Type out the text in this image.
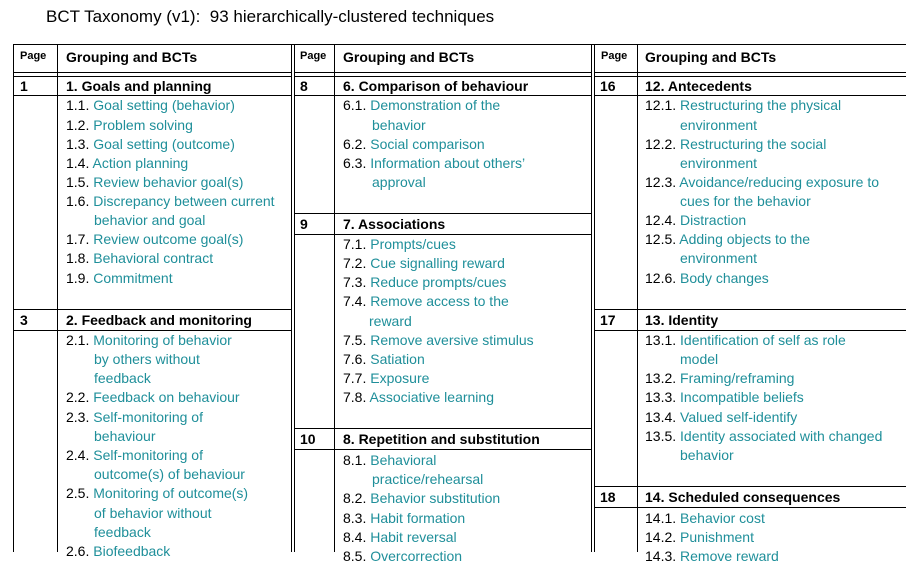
BCT Taxonomy (v1):  93 hierarchically-clustered techniques
Page Grouping and BCTs	Page Grouping and BCTs	Page Grouping and BCTs
1	1. Goals and planning
1.1. Goal setting (behavior)
1.2. Problem solving
1.3. Goal setting (outcome)
1.4. Action planning
1.5. Review behavior goal(s)
1.6. Discrepancy between current
behavior and goal
1.7. Review outcome goal(s)
1.8. Behavioral contract
1.9. Commitment
3	2. Feedback and monitoring
2.1. Monitoring of behavior
by others without
feedback
2.2. Feedback on behaviour
2.3. Self-monitoring of
behaviour
2.4. Self-monitoring of
outcome(s) of behaviour
2.5. Monitoring of outcome(s)
of behavior without
feedback
2.6. Biofeedback
8	6. Comparison of behaviour
6.1. Demonstration of the
behavior
6.2. Social comparison
6.3. Information about others’
approval
9	7. Associations
7.1. Prompts/cues
7.2. Cue signalling reward
7.3. Reduce prompts/cues
7.4. Remove access to the
reward
7.5. Remove aversive stimulus
7.6. Satiation
7.7. Exposure
7.8. Associative learning
10 8. Repetition and substitution
8.1. Behavioral
practice/rehearsal
8.2. Behavior substitution
8.3. Habit formation
8.4. Habit reversal
8.5. Overcorrection
16 12. Antecedents
12.1. Restructuring the physical
environment
12.2. Restructuring the social
environment
12.3. Avoidance/reducing exposure to
cues for the behavior
12.4. Distraction
12.5. Adding objects to the
environment
12.6. Body changes
17 13. Identity
13.1. Identification of self as role
model
13.2. Framing/reframing
13.3. Incompatible beliefs
13.4. Valued self-identify
13.5. Identity associated with changed
behavior
18 14. Scheduled consequences
14.1. Behavior cost
14.2. Punishment
14.3. Remove reward
